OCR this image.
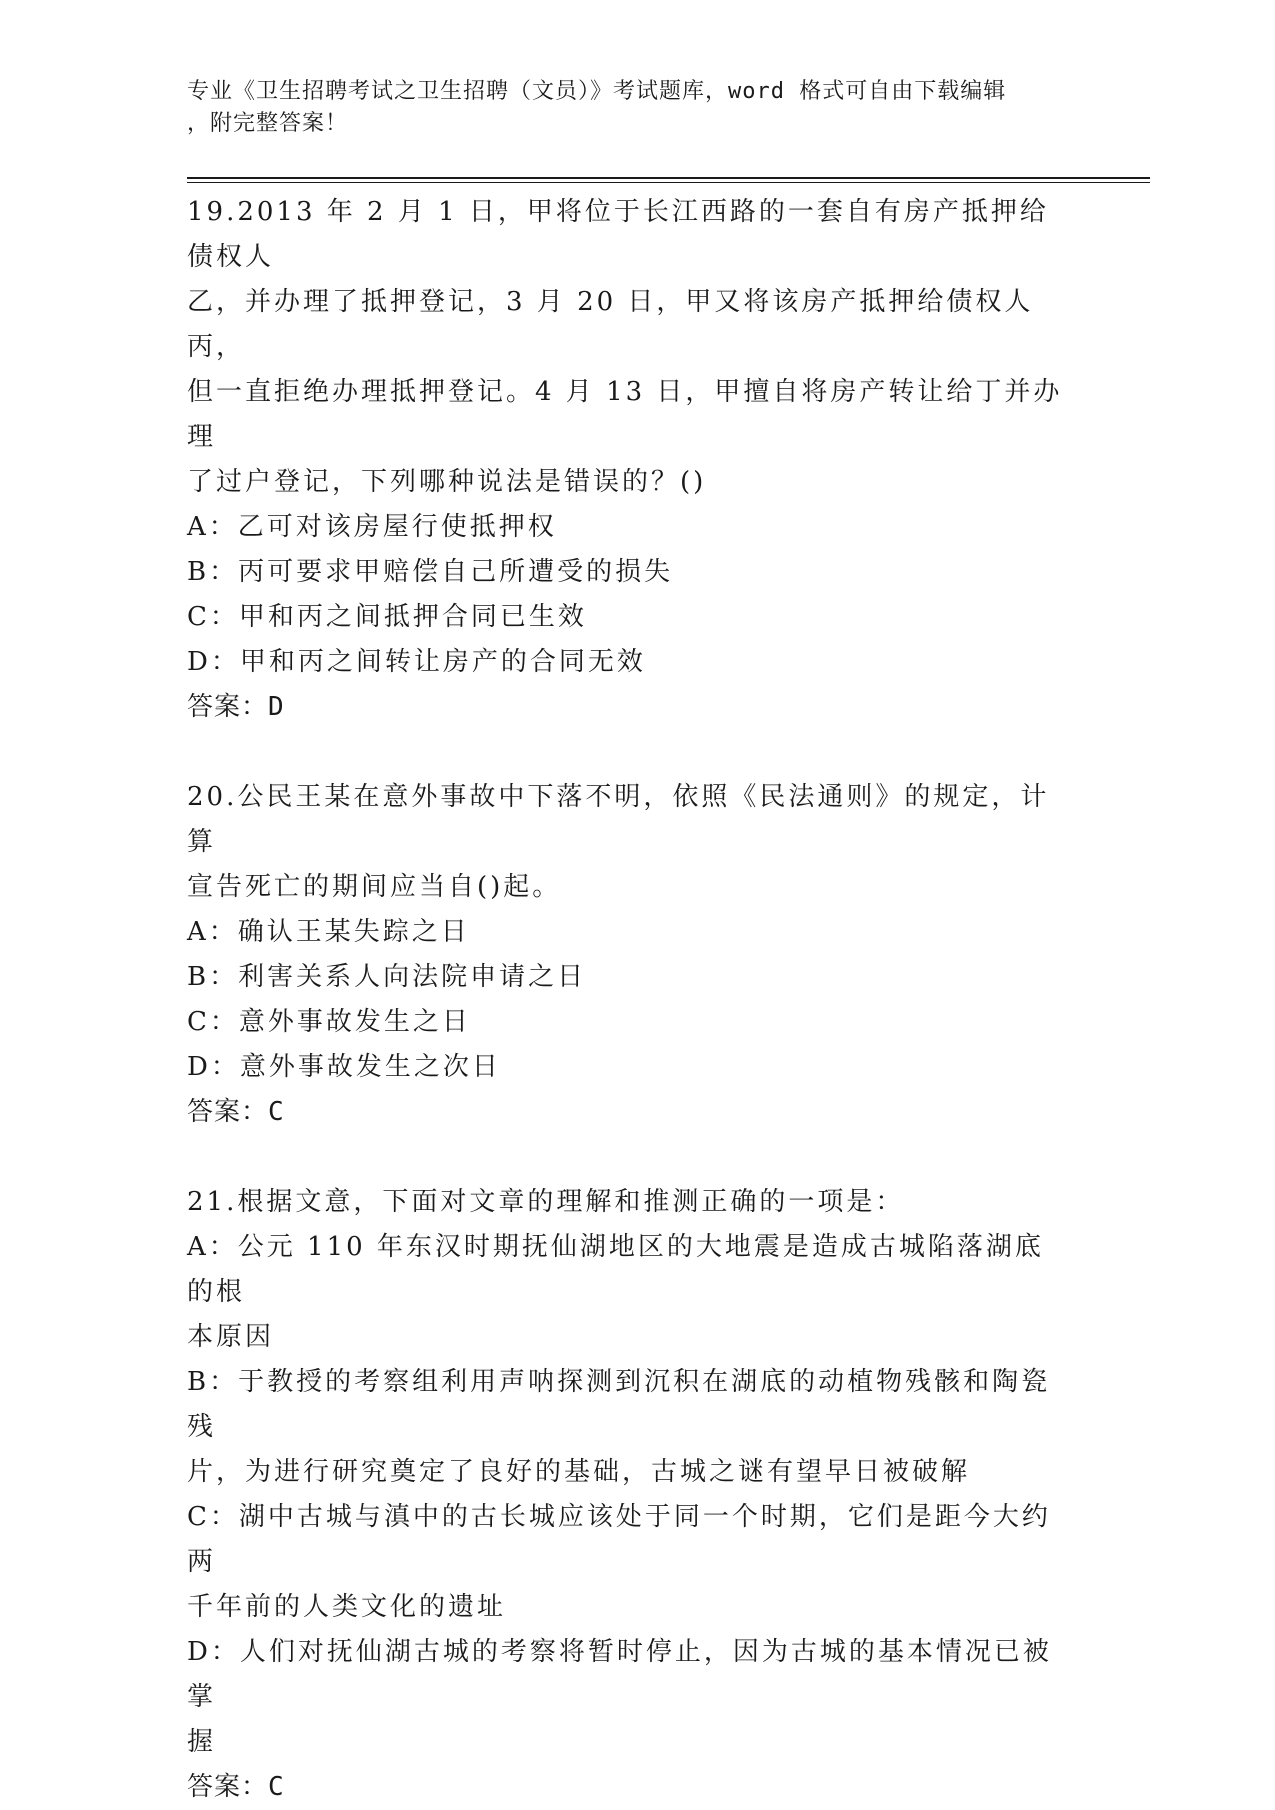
专业《卫生招聘考试之卫生招聘（文员）》考试题库，word 格式可自由下载编辑
，附完整答案！

19.2013 年 2 月 1 日，甲将位于长江西路的一套自有房产抵押给债权人

乙，并办理了抵押登记，3 月 20 日，甲又将该房产抵押给债权人丙，

但一直拒绝办理抵押登记。4 月 13 日，甲擅自将房产转让给丁并办理

了过户登记，下列哪种说法是错误的？()

A：乙可对该房屋行使抵押权

B：丙可要求甲赔偿自己所遭受的损失

C：甲和丙之间抵押合同已生效

D：甲和丙之间转让房产的合同无效

答案：D

20.公民王某在意外事故中下落不明，依照《民法通则》的规定，计算

宣告死亡的期间应当自()起。

A：确认王某失踪之日

B：利害关系人向法院申请之日

C：意外事故发生之日

D：意外事故发生之次日

答案：C

21.根据文意，下面对文章的理解和推测正确的一项是：

A：公元 110 年东汉时期抚仙湖地区的大地震是造成古城陷落湖底的根

本原因

B：于教授的考察组利用声呐探测到沉积在湖底的动植物残骸和陶瓷残

片，为进行研究奠定了良好的基础，古城之谜有望早日被破解

C：湖中古城与滇中的古长城应该处于同一个时期，它们是距今大约两

千年前的人类文化的遗址

D：人们对抚仙湖古城的考察将暂时停止，因为古城的基本情况已被掌

握

答案：C
